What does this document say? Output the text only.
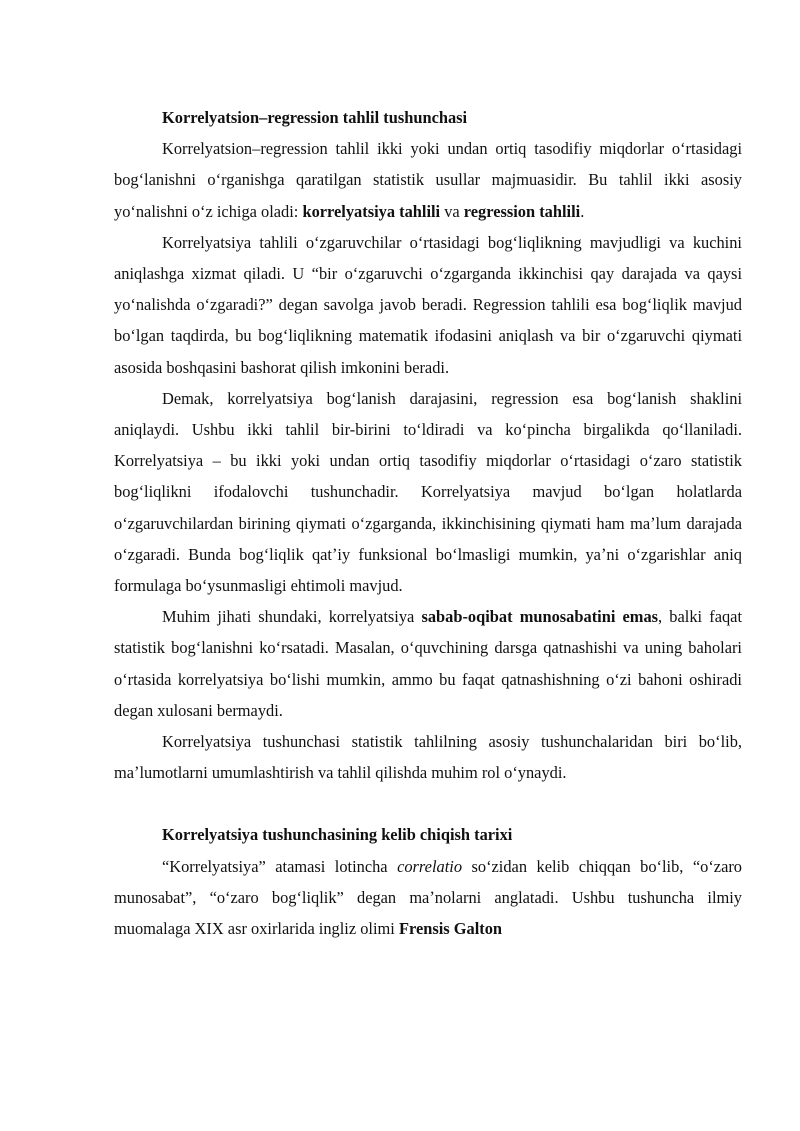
Korrelyatsion–regression tahlil tushunchasi

Korrelyatsion–regression tahlil ikki yoki undan ortiq tasodifiy miqdorlar oʻrtasidagi bogʻlanishni oʻrganishga qaratilgan statistik usullar majmuasidir. Bu tahlil ikki asosiy yoʻnalishni oʻz ichiga oladi: korrelyatsiya tahlili va regression tahlili.

Korrelyatsiya tahlili oʻzgaruvchilar oʻrtasidagi bogʻliqlikning mavjudligi va kuchini aniqlashga xizmat qiladi. U “bir oʻzgaruvchi oʻzgarganda ikkinchisi qay darajada va qaysi yoʻnalishda oʻzgaradi?” degan savolga javob beradi. Regression tahlili esa bogʻliqlik mavjud boʻlgan taqdirda, bu bogʻliqlikning matematik ifodasini aniqlash va bir oʻzgaruvchi qiymati asosida boshqasini bashorat qilish imkonini beradi.

Demak, korrelyatsiya bogʻlanish darajasini, regression esa bogʻlanish shaklini aniqlaydi. Ushbu ikki tahlil bir-birini toʻldiradi va koʻpincha birgalikda qoʻllaniladi. Korrelyatsiya – bu ikki yoki undan ortiq tasodifiy miqdorlar oʻrtasidagi oʻzaro statistik bogʻliqlikni ifodalovchi tushunchadir. Korrelyatsiya mavjud boʻlgan holatlarda oʻzgaruvchilardan birining qiymati oʻzgarganda, ikkinchisining qiymati ham maʼlum darajada oʻzgaradi. Bunda bogʻliqlik qatʼiy funksional boʻlmasligi mumkin, yaʼni oʻzgarishlar aniq formulaga boʻysunmasligi ehtimoli mavjud.

Muhim jihati shundaki, korrelyatsiya sabab-oqibat munosabatini emas, balki faqat statistik bogʻlanishni koʻrsatadi. Masalan, oʻquvchining darsga qatnashishi va uning baholari oʻrtasida korrelyatsiya boʻlishi mumkin, ammo bu faqat qatnashishning oʻzi bahoni oshiradi degan xulosani bermaydi.

Korrelyatsiya tushunchasi statistik tahlilning asosiy tushunchalaridan biri boʻlib, maʼlumotlarni umumlashtirish va tahlil qilishda muhim rol oʻynaydi.

Korrelyatsiya tushunchasining kelib chiqish tarixi

“Korrelyatsiya” atamasi lotincha correlatio soʻzidan kelib chiqqan boʻlib, “oʻzaro munosabat”, “oʻzaro bogʻliqlik” degan maʼnolarni anglatadi. Ushbu tushuncha ilmiy muomalaga XIX asr oxirlarida ingliz olimi Frensis Galton
